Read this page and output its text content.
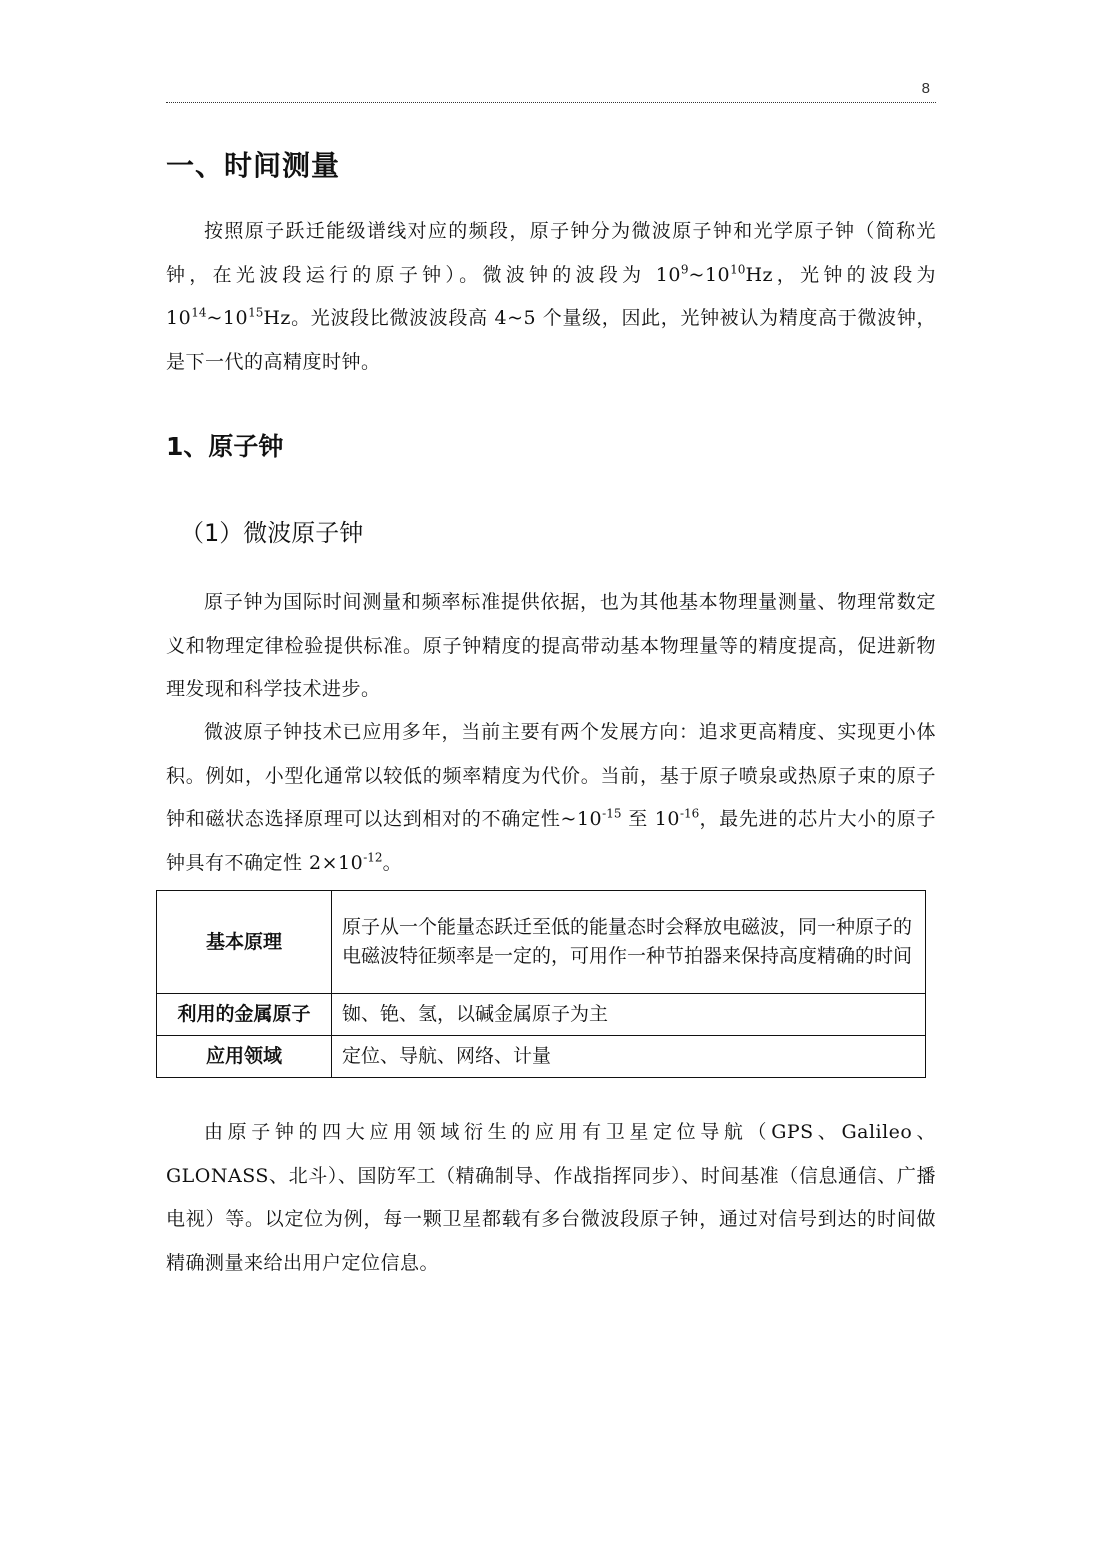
8
一、时间测量

按照原子跃迁能级谱线对应的频段，原子钟分为微波原子钟和光学原子钟（简称光钟，在光波段运行的原子钟）。微波钟的波段为 $10^9\sim 10^{10}Hz$，光钟的波段为 $10^{14}\sim 10^{15}Hz$。光波段比微波波段高 4~5 个量级，因此，光钟被认为精度高于微波钟，是下一代的高精度时钟。

1、原子钟
（1）微波原子钟

原子钟为国际时间测量和频率标准提供依据，也为其他基本物理量测量、物理常数定义和物理定律检验提供标准。原子钟精度的提高带动基本物理量等的精度提高，促进新物理发现和科学技术进步。

微波原子钟技术已应用多年，当前主要有两个发展方向：追求更高精度、实现更小体积。例如，小型化通常以较低的频率精度为代价。当前，基于原子喷泉或热原子束的原子钟和磁状态选择原理可以达到相对的不确定性$\sim 10^{-15}$ 至 $10^{-16}$，最先进的芯片大小的原子钟具有不确定性 $2\times 10^{-12}$。

基本原理	原子从一个能量态跃迁至低的能量态时会释放电磁波，同一种原子的电磁波特征频率是一定的，可用作一种节拍器来保持高度精确的时间
利用的金属原子	铷、铯、氢，以碱金属原子为主
应用领域	定位、导航、网络、计量

由原子钟的四大应用领域衍生的应用有卫星定位导航（GPS、Galileo、GLONASS、北斗）、国防军工（精确制导、作战指挥同步）、时间基准（信息通信、广播电视）等。以定位为例，每一颗卫星都载有多台微波段原子钟，通过对信号到达的时间做精确测量来给出用户定位信息。
